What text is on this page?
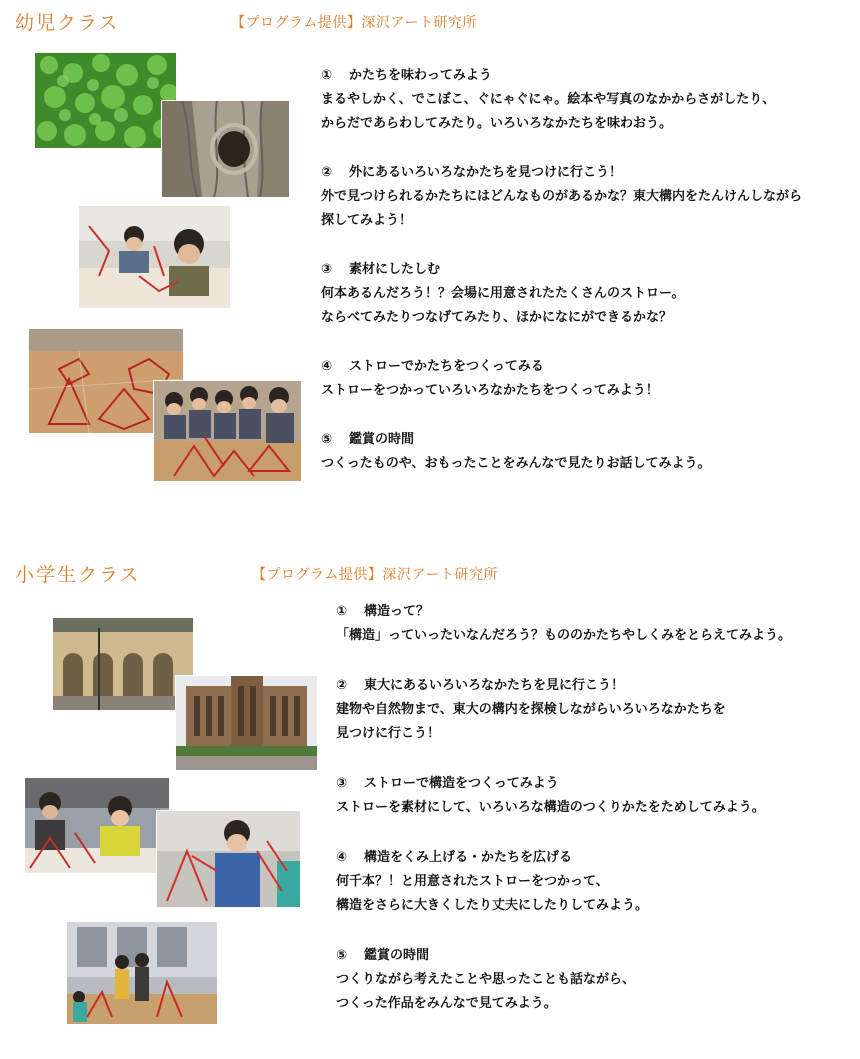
幼児クラス	【プログラム提供】深沢アート研究所
① かたちを味わってみよう
まるやしかく、でこぼこ、ぐにゃぐにゃ。絵本や写真のなかからさがしたり、
からだであらわしてみたり。いろいろなかたちを味わおう。
② 外にあるいろいろなかたちを見つけに行こう！
外で見つけられるかたちにはどんなものがあるかな？東大構内をたんけんしながら
探してみよう！
③ 素材にしたしむ
何本あるんだろう！？会場に用意されたたくさんのストロー。
ならべてみたりつなげてみたり、ほかになにができるかな？
④ ストローでかたちをつくってみる
ストローをつかっていろいろなかたちをつくってみよう！
⑤ 鑑賞の時間
つくったものや、おもったことをみんなで見たりお話してみよう。
小学生クラス	【プログラム提供】深沢アート研究所
① 構造って？
「構造」っていったいなんだろう？もののかたちやしくみをとらえてみよう。
② 東大にあるいろいろなかたちを見に行こう！
建物や自然物まで、東大の構内を探検しながらいろいろなかたちを
見つけに行こう！
③ ストローで構造をつくってみよう
ストローを素材にして、いろいろな構造のつくりかたをためしてみよう。
④ 構造をくみ上げる・かたちを広げる
何千本？！と用意されたストローをつかって、
構造をさらに大きくしたり丈夫にしたりしてみよう。
⑤ 鑑賞の時間
つくりながら考えたことや思ったことも話ながら、
つくった作品をみんなで見てみよう。
